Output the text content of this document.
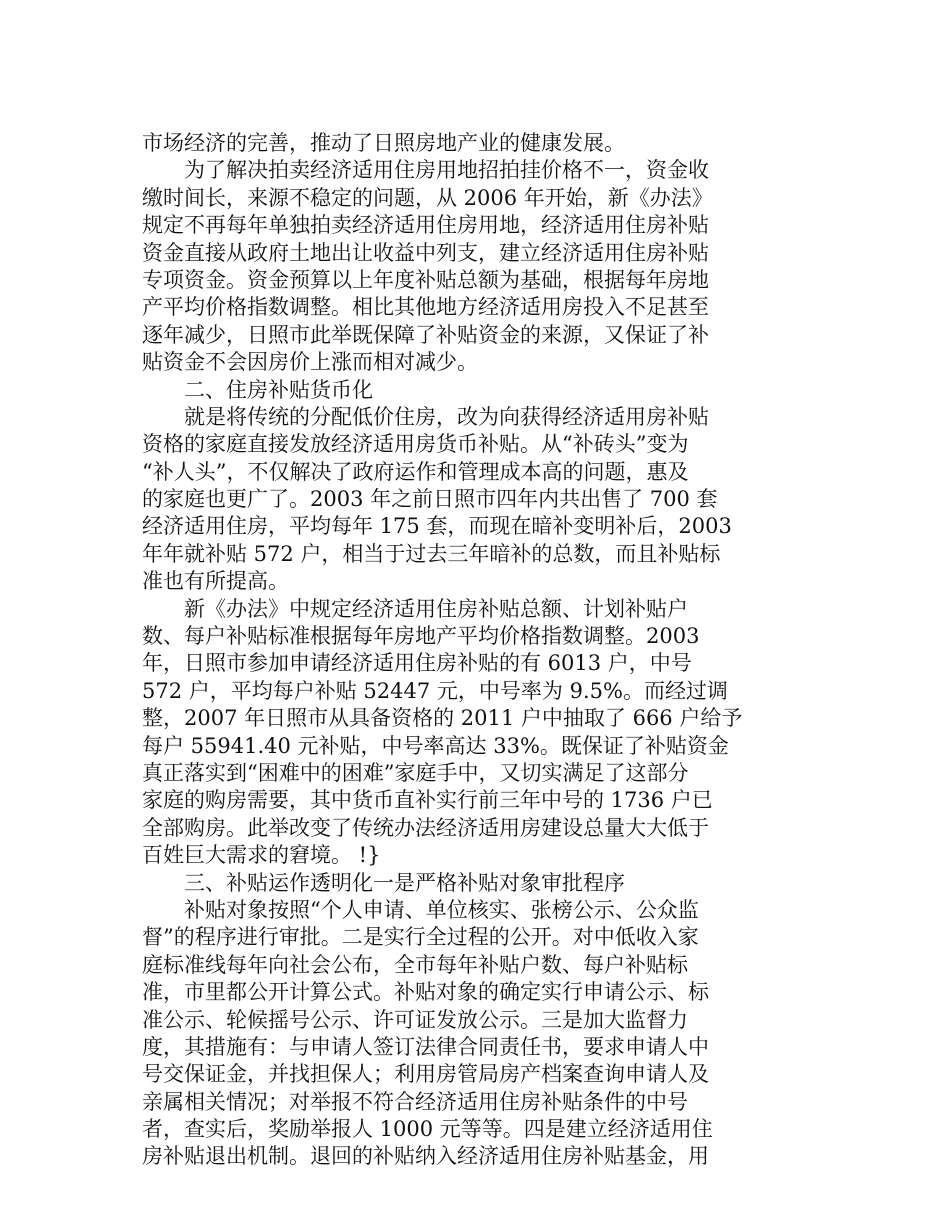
市场经济的完善，推动了日照房地产业的健康发展。
为了解决拍卖经济适用住房用地招拍挂价格不一，资金收
缴时间长，来源不稳定的问题，从 2006 年开始，新《办法》
规定不再每年单独拍卖经济适用住房用地，经济适用住房补贴
资金直接从政府土地出让收益中列支，建立经济适用住房补贴
专项资金。资金预算以上年度补贴总额为基础，根据每年房地
产平均价格指数调整。相比其他地方经济适用房投入不足甚至
逐年减少，日照市此举既保障了补贴资金的来源，又保证了补
贴资金不会因房价上涨而相对减少。
二、住房补贴货币化
就是将传统的分配低价住房，改为向获得经济适用房补贴
资格的家庭直接发放经济适用房货币补贴。从“补砖头”变为
“补人头”，不仅解决了政府运作和管理成本高的问题，惠及
的家庭也更广了。2003 年之前日照市四年内共出售了 700 套
经济适用住房，平均每年 175 套，而现在暗补变明补后，2003
年年就补贴 572 户，相当于过去三年暗补的总数，而且补贴标
准也有所提高。
新《办法》中规定经济适用住房补贴总额、计划补贴户
数、每户补贴标准根据每年房地产平均价格指数调整。2003
年，日照市参加申请经济适用住房补贴的有 6013 户，中号
572 户，平均每户补贴 52447 元，中号率为 9.5%。而经过调
整，2007 年日照市从具备资格的 2011 户中抽取了 666 户给予
每户 55941.40 元补贴，中号率高达 33%。既保证了补贴资金
真正落实到“困难中的困难”家庭手中，又切实满足了这部分
家庭的购房需要，其中货币直补实行前三年中号的 1736 户已
全部购房。此举改变了传统办法经济适用房建设总量大大低于
百姓巨大需求的窘境。 !}
三、补贴运作透明化一是严格补贴对象审批程序
补贴对象按照“个人申请、单位核实、张榜公示、公众监
督”的程序进行审批。二是实行全过程的公开。对中低收入家
庭标准线每年向社会公布，全市每年补贴户数、每户补贴标
准，市里都公开计算公式。补贴对象的确定实行申请公示、标
准公示、轮候摇号公示、许可证发放公示。三是加大监督力
度，其措施有：与申请人签订法律合同责任书，要求申请人中
号交保证金，并找担保人；利用房管局房产档案查询申请人及
亲属相关情况；对举报不符合经济适用住房补贴条件的中号
者，查实后，奖励举报人 1000 元等等。四是建立经济适用住
房补贴退出机制。退回的补贴纳入经济适用住房补贴基金，用
